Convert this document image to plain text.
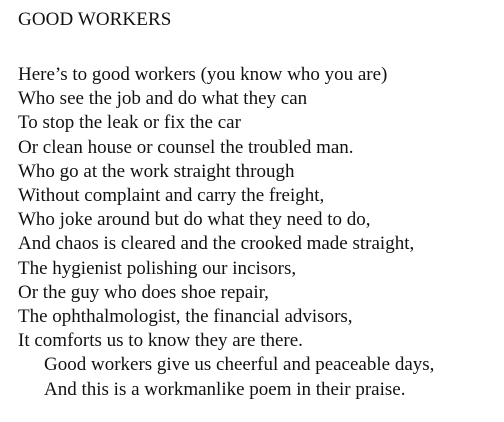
GOOD WORKERS
Here’s to good workers (you know who you are)
Who see the job and do what they can
To stop the leak or fix the car
Or clean house or counsel the troubled man.
Who go at the work straight through
Without complaint and carry the freight,
Who joke around but do what they need to do,
And chaos is cleared and the crooked made straight,
The hygienist polishing our incisors,
Or the guy who does shoe repair,
The ophthalmologist, the financial advisors,
It comforts us to know they are there.
Good workers give us cheerful and peaceable days,
And this is a workmanlike poem in their praise.
